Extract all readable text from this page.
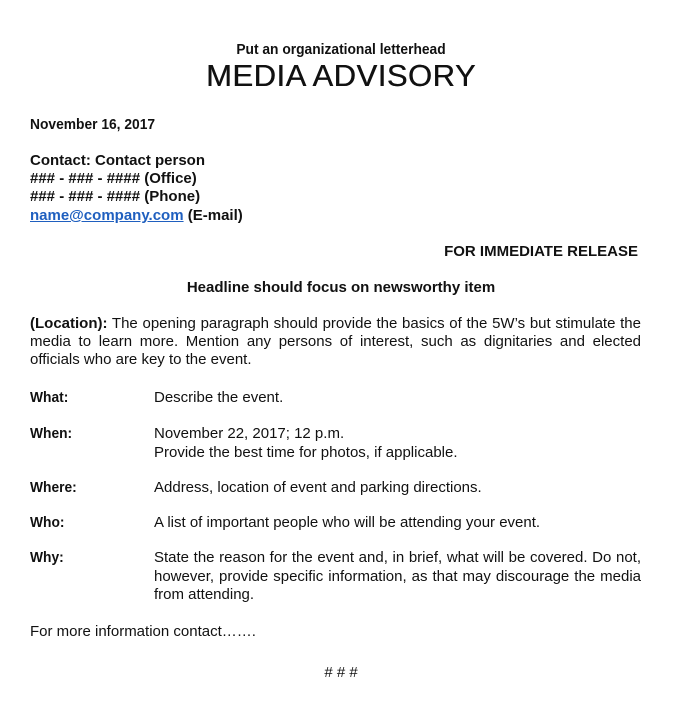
Put an organizational letterhead
MEDIA ADVISORY
November 16, 2017
Contact: Contact person
### - ### - #### (Office)
### - ### - #### (Phone)
name@company.com (E-mail)
FOR IMMEDIATE RELEASE
Headline should focus on newsworthy item
(Location): The opening paragraph should provide the basics of the 5W’s but stimulate the media to learn more. Mention any persons of interest, such as dignitaries and elected officials who are key to the event.
What:	Describe the event.
When:	November 22, 2017; 12 p.m.
Provide the best time for photos, if applicable.
Where:	Address, location of event and parking directions.
Who:	A list of important people who will be attending your event.
Why:	State the reason for the event and, in brief, what will be covered. Do not, however, provide specific information, as that may discourage the media from attending.
For more information contact…….
# # #
